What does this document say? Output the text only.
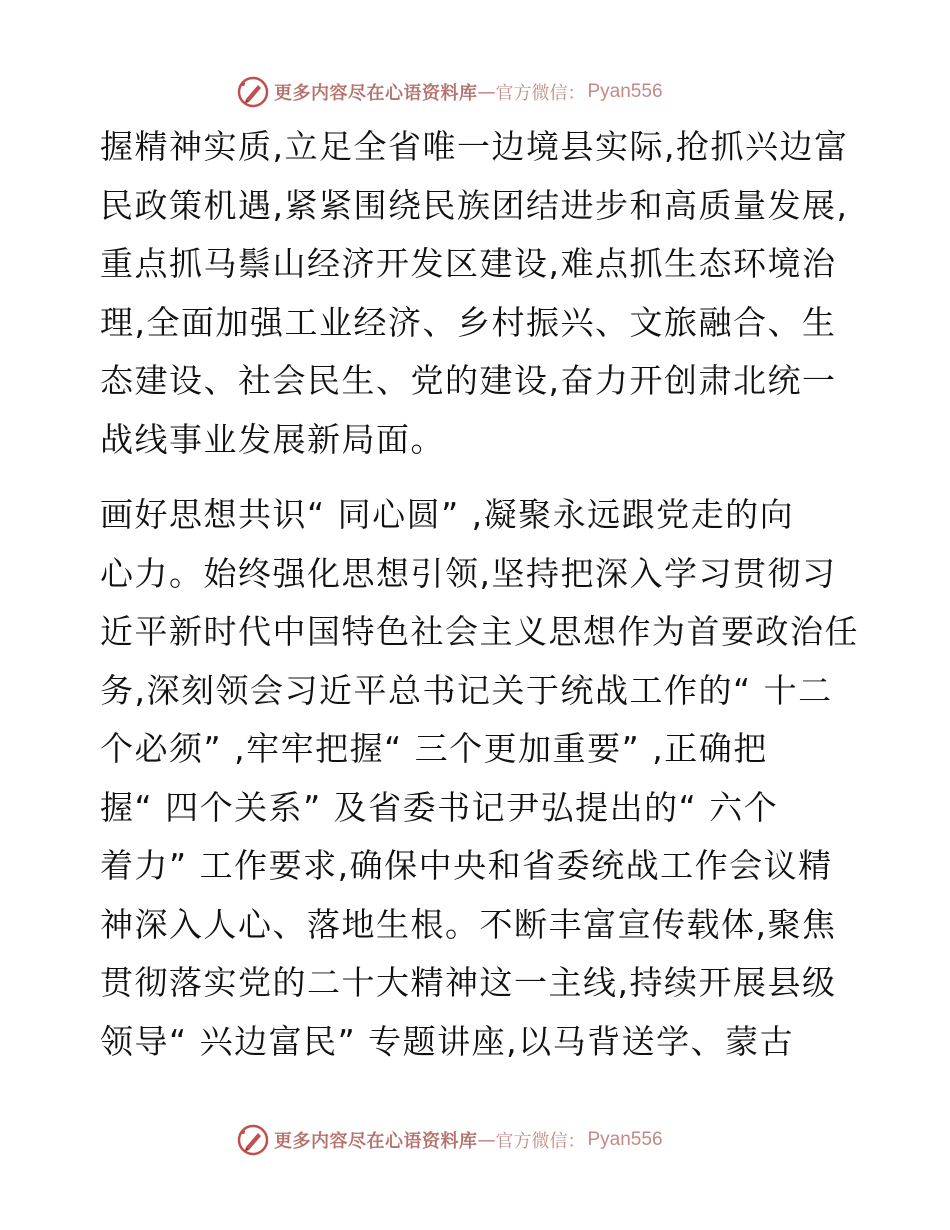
更多内容尽在心语资料库 — 官方微信： Pyan556
握精神实质,立足全省唯一边境县实际,抢抓兴边富
民政策机遇,紧紧围绕民族团结进步和高质量发展,
重点抓马鬃山经济开发区建设,难点抓生态环境治
理,全面加强工业经济、乡村振兴、文旅融合、生
态建设、社会民生、党的建设,奋力开创肃北统一
战线事业发展新局面。
画好思想共识“ 同心圆” ,凝聚永远跟党走的向
心力。始终强化思想引领,坚持把深入学习贯彻习
近平新时代中国特色社会主义思想作为首要政治任
务,深刻领会习近平总书记关于统战工作的“ 十二
个必须” ,牢牢把握“ 三个更加重要” ,正确把
握“ 四个关系” 及省委书记尹弘提出的“ 六个
着力” 工作要求,确保中央和省委统战工作会议精
神深入人心、落地生根。不断丰富宣传载体,聚焦
贯彻落实党的二十大精神这一主线,持续开展县级
领导“ 兴边富民” 专题讲座,以马背送学、蒙古
更多内容尽在心语资料库 — 官方微信： Pyan556
